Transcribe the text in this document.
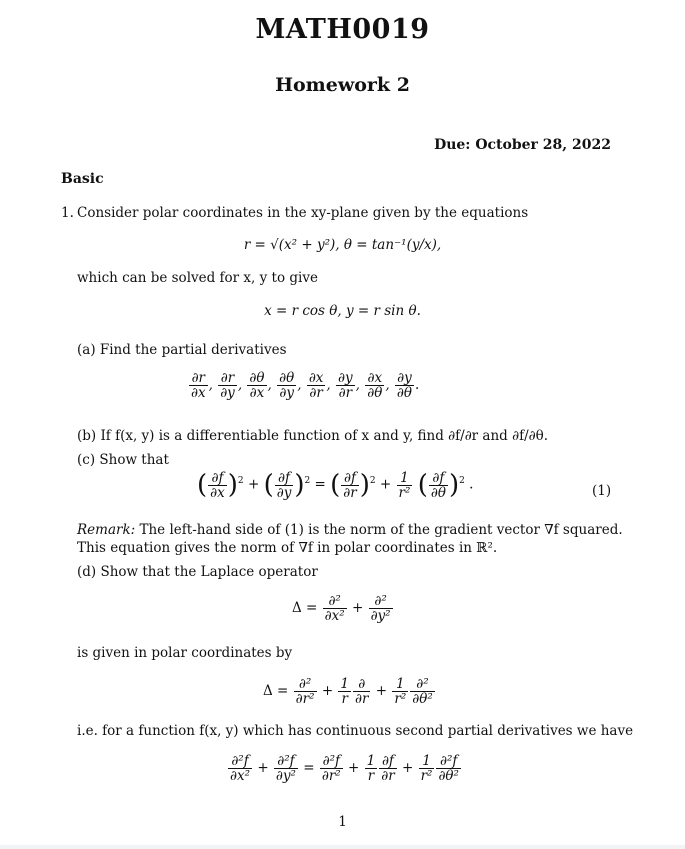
MATH0019
Homework 2
Due: October 28, 2022
Basic
1. Consider polar coordinates in the xy-plane given by the equations
r = √(x² + y²), θ = tan⁻¹(y/x),
which can be solved for x, y to give
x = r cos θ, y = r sin θ.
(a) Find the partial derivatives
$\frac{\partial r}{\partial x}$ , $\frac{\partial r}{\partial y}$ , $\frac{\partial\theta}{\partial x}$ , $\frac{\partial\theta}{\partial y}$ , $\frac{\partial x}{\partial r}$ , $\frac{\partial y}{\partial r}$ , $\frac{\partial x}{\partial\theta}$ , $\frac{\partial y}{\partial\theta}$ .
(b) If f(x, y) is a differentiable function of x and y, find ∂f/∂r and ∂f/∂θ.
(c) Show that
( $\frac{\partial f}{\partial x} )^2$ + ( $\frac{\partial f}{\partial y} )^2$ = ( $\frac{\partial f}{\partial r} )^2 + \frac{1}{\text{r²}}$ ( $\frac{\partial f}{\partial\theta} )^2$ .	(1)
Remark: The left-hand side of (1) is the norm of the gradient vector ∇f squared.
This equation gives the norm of ∇f in polar coordinates in ℝ².
(d) Show that the Laplace operator
$\Delta = \frac{\text{∂²}}{\text{∂x²}} + \frac{\text{∂²}}{\text{∂y²}}$
is given in polar coordinates by
$\Delta = \frac{\text{∂²}}{\text{∂r²}} + \frac{1}{r} \frac{\partial}{\partial r} + \frac{1}{\text{r²}} \frac{\text{∂²}}{\text{∂θ²}}$
i.e. for a function f(x, y) which has continuous second partial derivatives we have
$\frac{\text{∂²f}}{\text{∂x²}} + \frac{\text{∂²f}}{\text{∂y²}} = \frac{\text{∂²f}}{\text{∂r²}} + \frac{1}{r} \frac{\partial f}{\partial r} + \frac{1}{\text{r²}} \frac{\text{∂²f}}{\text{∂θ²}}$
1
